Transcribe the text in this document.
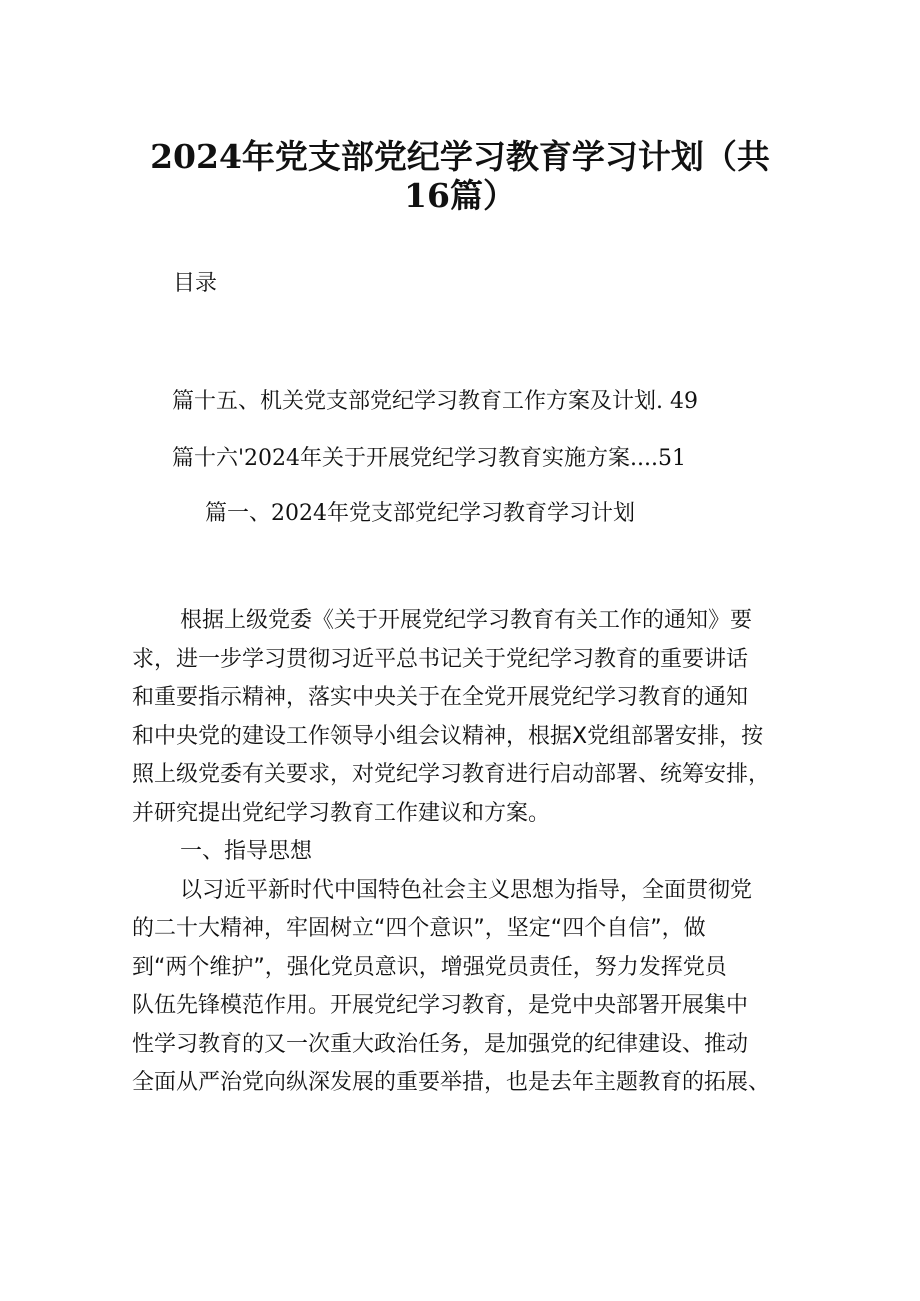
2024年党支部党纪学习教育学习计划（共
16篇）
目录
篇十五、机关党支部党纪学习教育工作方案及计划. 49
篇十六'2024年关于开展党纪学习教育实施方案....51
篇一、2024年党支部党纪学习教育学习计划
根据上级党委《关于开展党纪学习教育有关工作的通知》要
求，进一步学习贯彻习近平总书记关于党纪学习教育的重要讲话
和重要指示精神，落实中央关于在全党开展党纪学习教育的通知
和中央党的建设工作领导小组会议精神，根据X党组部署安排，按
照上级党委有关要求，对党纪学习教育进行启动部署、统筹安排，
并研究提出党纪学习教育工作建议和方案。
一、指导思想
以习近平新时代中国特色社会主义思想为指导，全面贯彻党
的二十大精神，牢固树立“四个意识”，坚定“四个自信”，做
到“两个维护”，强化党员意识，增强党员责任，努力发挥党员
队伍先锋模范作用。开展党纪学习教育，是党中央部署开展集中
性学习教育的又一次重大政治任务，是加强党的纪律建设、推动
全面从严治党向纵深发展的重要举措，也是去年主题教育的拓展、
